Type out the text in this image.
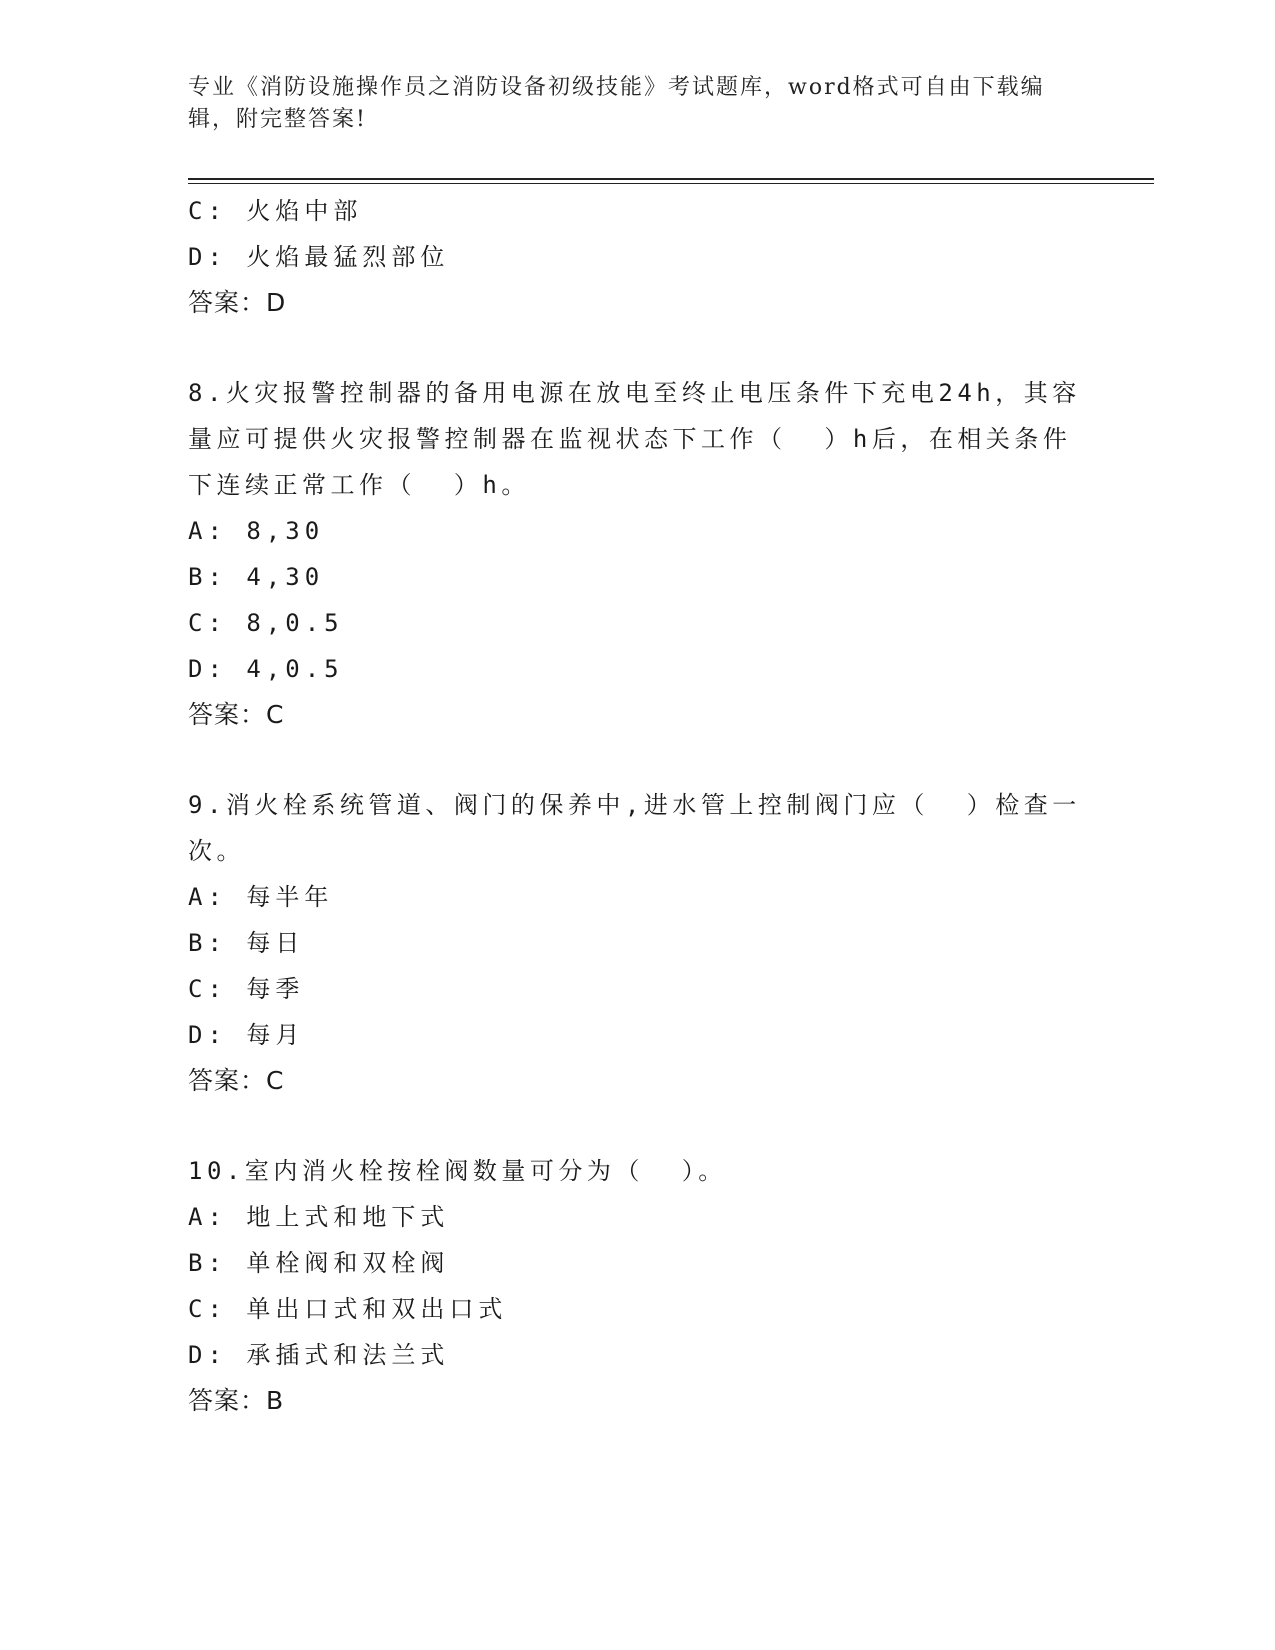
专业《消防设施操作员之消防设备初级技能》考试题库，word格式可自由下载编辑，附完整答案!
C: 火焰中部
D: 火焰最猛烈部位
答案：D
8.火灾报警控制器的备用电源在放电至终止电压条件下充电24h，其容
量应可提供火灾报警控制器在监视状态下工作（  ）h后，在相关条件
下连续正常工作（  ）h。
A: 8,30
B: 4,30
C: 8,0.5
D: 4,0.5
答案：C
9.消火栓系统管道、阀门的保养中,进水管上控制阀门应（  ）检查一
次。
A: 每半年
B: 每日
C: 每季
D: 每月
答案：C
10.室内消火栓按栓阀数量可分为（  ）。
A: 地上式和地下式
B: 单栓阀和双栓阀
C: 单出口式和双出口式
D: 承插式和法兰式
答案：B
